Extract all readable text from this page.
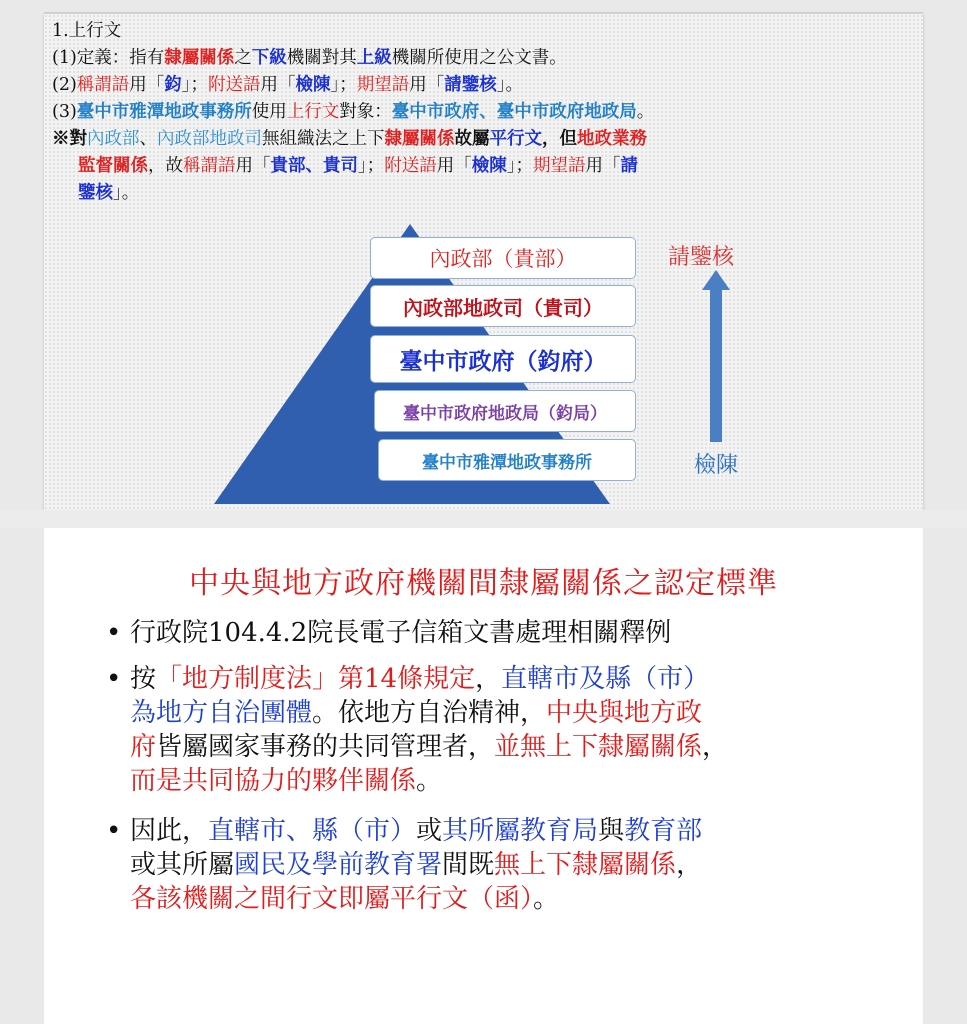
1.上行文
(1)定義：指有隸屬關係之下級機關對其上級機關所使用之公文書。
(2)稱謂語用「鈞」；附送語用「檢陳」；期望語用「請鑒核」。
(3)臺中市雅潭地政事務所使用上行文對象：臺中市政府、臺中市政府地政局。
※對內政部、內政部地政司無組織法之上下隸屬關係故屬平行文，但地政業務
監督關係，故稱謂語用「貴部、貴司」；附送語用「檢陳」；期望語用「請
鑒核」。
內政部（貴部）
內政部地政司（貴司）
臺中市政府（鈞府）
臺中市政府地政局（鈞局）
臺中市雅潭地政事務所
請鑒核
檢陳
中央與地方政府機關間隸屬關係之認定標準
• 行政院104.4.2院長電子信箱文書處理相關釋例
• 按「地方制度法」第14條規定，直轄市及縣（市）
為地方自治團體。依地方自治精神，中央與地方政
府皆屬國家事務的共同管理者，並無上下隸屬關係，
而是共同協力的夥伴關係。
• 因此，直轄市、縣（市）或其所屬教育局與教育部
或其所屬國民及學前教育署間既無上下隸屬關係，
各該機關之間行文即屬平行文（函）。
